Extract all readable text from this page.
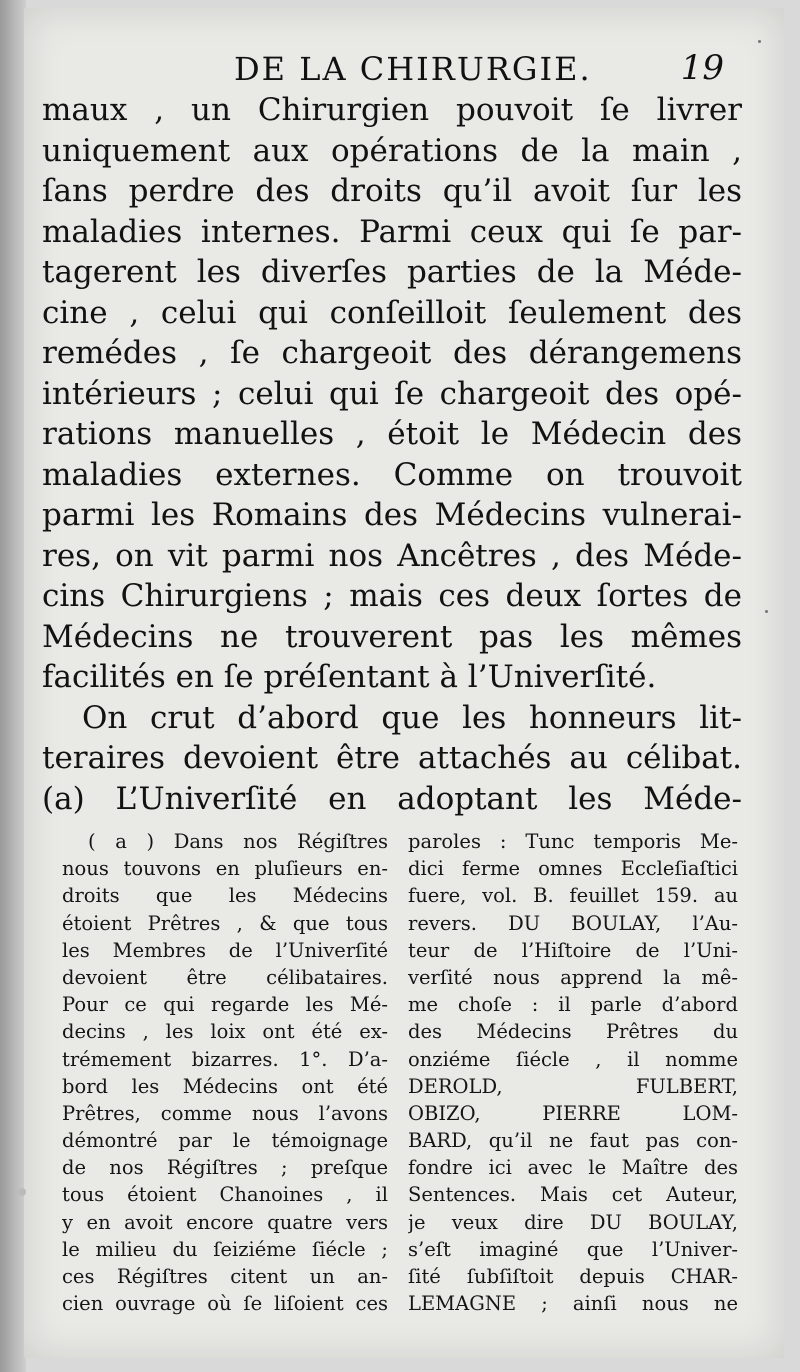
DE LA CHIRURGIE.	19
maux , un Chirurgien pouvoit ſe livrer
uniquement aux opérations de la main ,
ſans perdre des droits qu’il avoit ſur les
maladies internes. Parmi ceux qui ſe par-
tagerent les diverſes parties de la Méde-
cine , celui qui conſeilloit ſeulement des
remédes , ſe chargeoit des dérangemens
intérieurs ; celui qui ſe chargeoit des opé-
rations manuelles , étoit le Médecin des
maladies externes. Comme on trouvoit
parmi les Romains des Médecins vulnerai-
res, on vit parmi nos Ancêtres , des Méde-
cins Chirurgiens ; mais ces deux ſortes de
Médecins ne trouverent pas les mêmes
facilités en ſe préſentant à l’Univerſité.
On crut d’abord que les honneurs lit-
teraires devoient être attachés au célibat.
(a) L’Univerſité en adoptant les Méde-
( a ) Dans nos Régiſtres
nous touvons en pluſieurs en-
droits que les Médecins
étoient Prêtres , & que tous
les Membres de l’Univerſité
devoient être célibataires.
Pour ce qui regarde les Mé-
decins , les loix ont été ex-
trémement bizarres. 1°. D’a-
bord les Médecins ont été
Prêtres, comme nous l’avons
démontré par le témoignage
de nos Régiſtres ; preſque
tous étoient Chanoines , il
y en avoit encore quatre vers
le milieu du ſeiziéme ſiécle ;
ces Régiſtres citent un an-
cien ouvrage où ſe liſoient ces
paroles : Tunc temporis Me-
dici ferme omnes Eccleſiaſtici
fuere, vol. B. feuillet 159. au
revers. DU BOULAY, l’Au-
teur de l’Hiſtoire de l’Uni-
verſité nous apprend la mê-
me choſe : il parle d’abord
des Médecins Prêtres du
onziéme ſiécle , il nomme
DEROLD, FULBERT,
OBIZO, PIERRE LOM-
BARD, qu’il ne faut pas con-
fondre ici avec le Maître des
Sentences. Mais cet Auteur,
je veux dire DU BOULAY,
s’eſt imaginé que l’Univer-
ſité ſubſiſtoit depuis CHAR-
LEMAGNE ; ainſi nous ne
